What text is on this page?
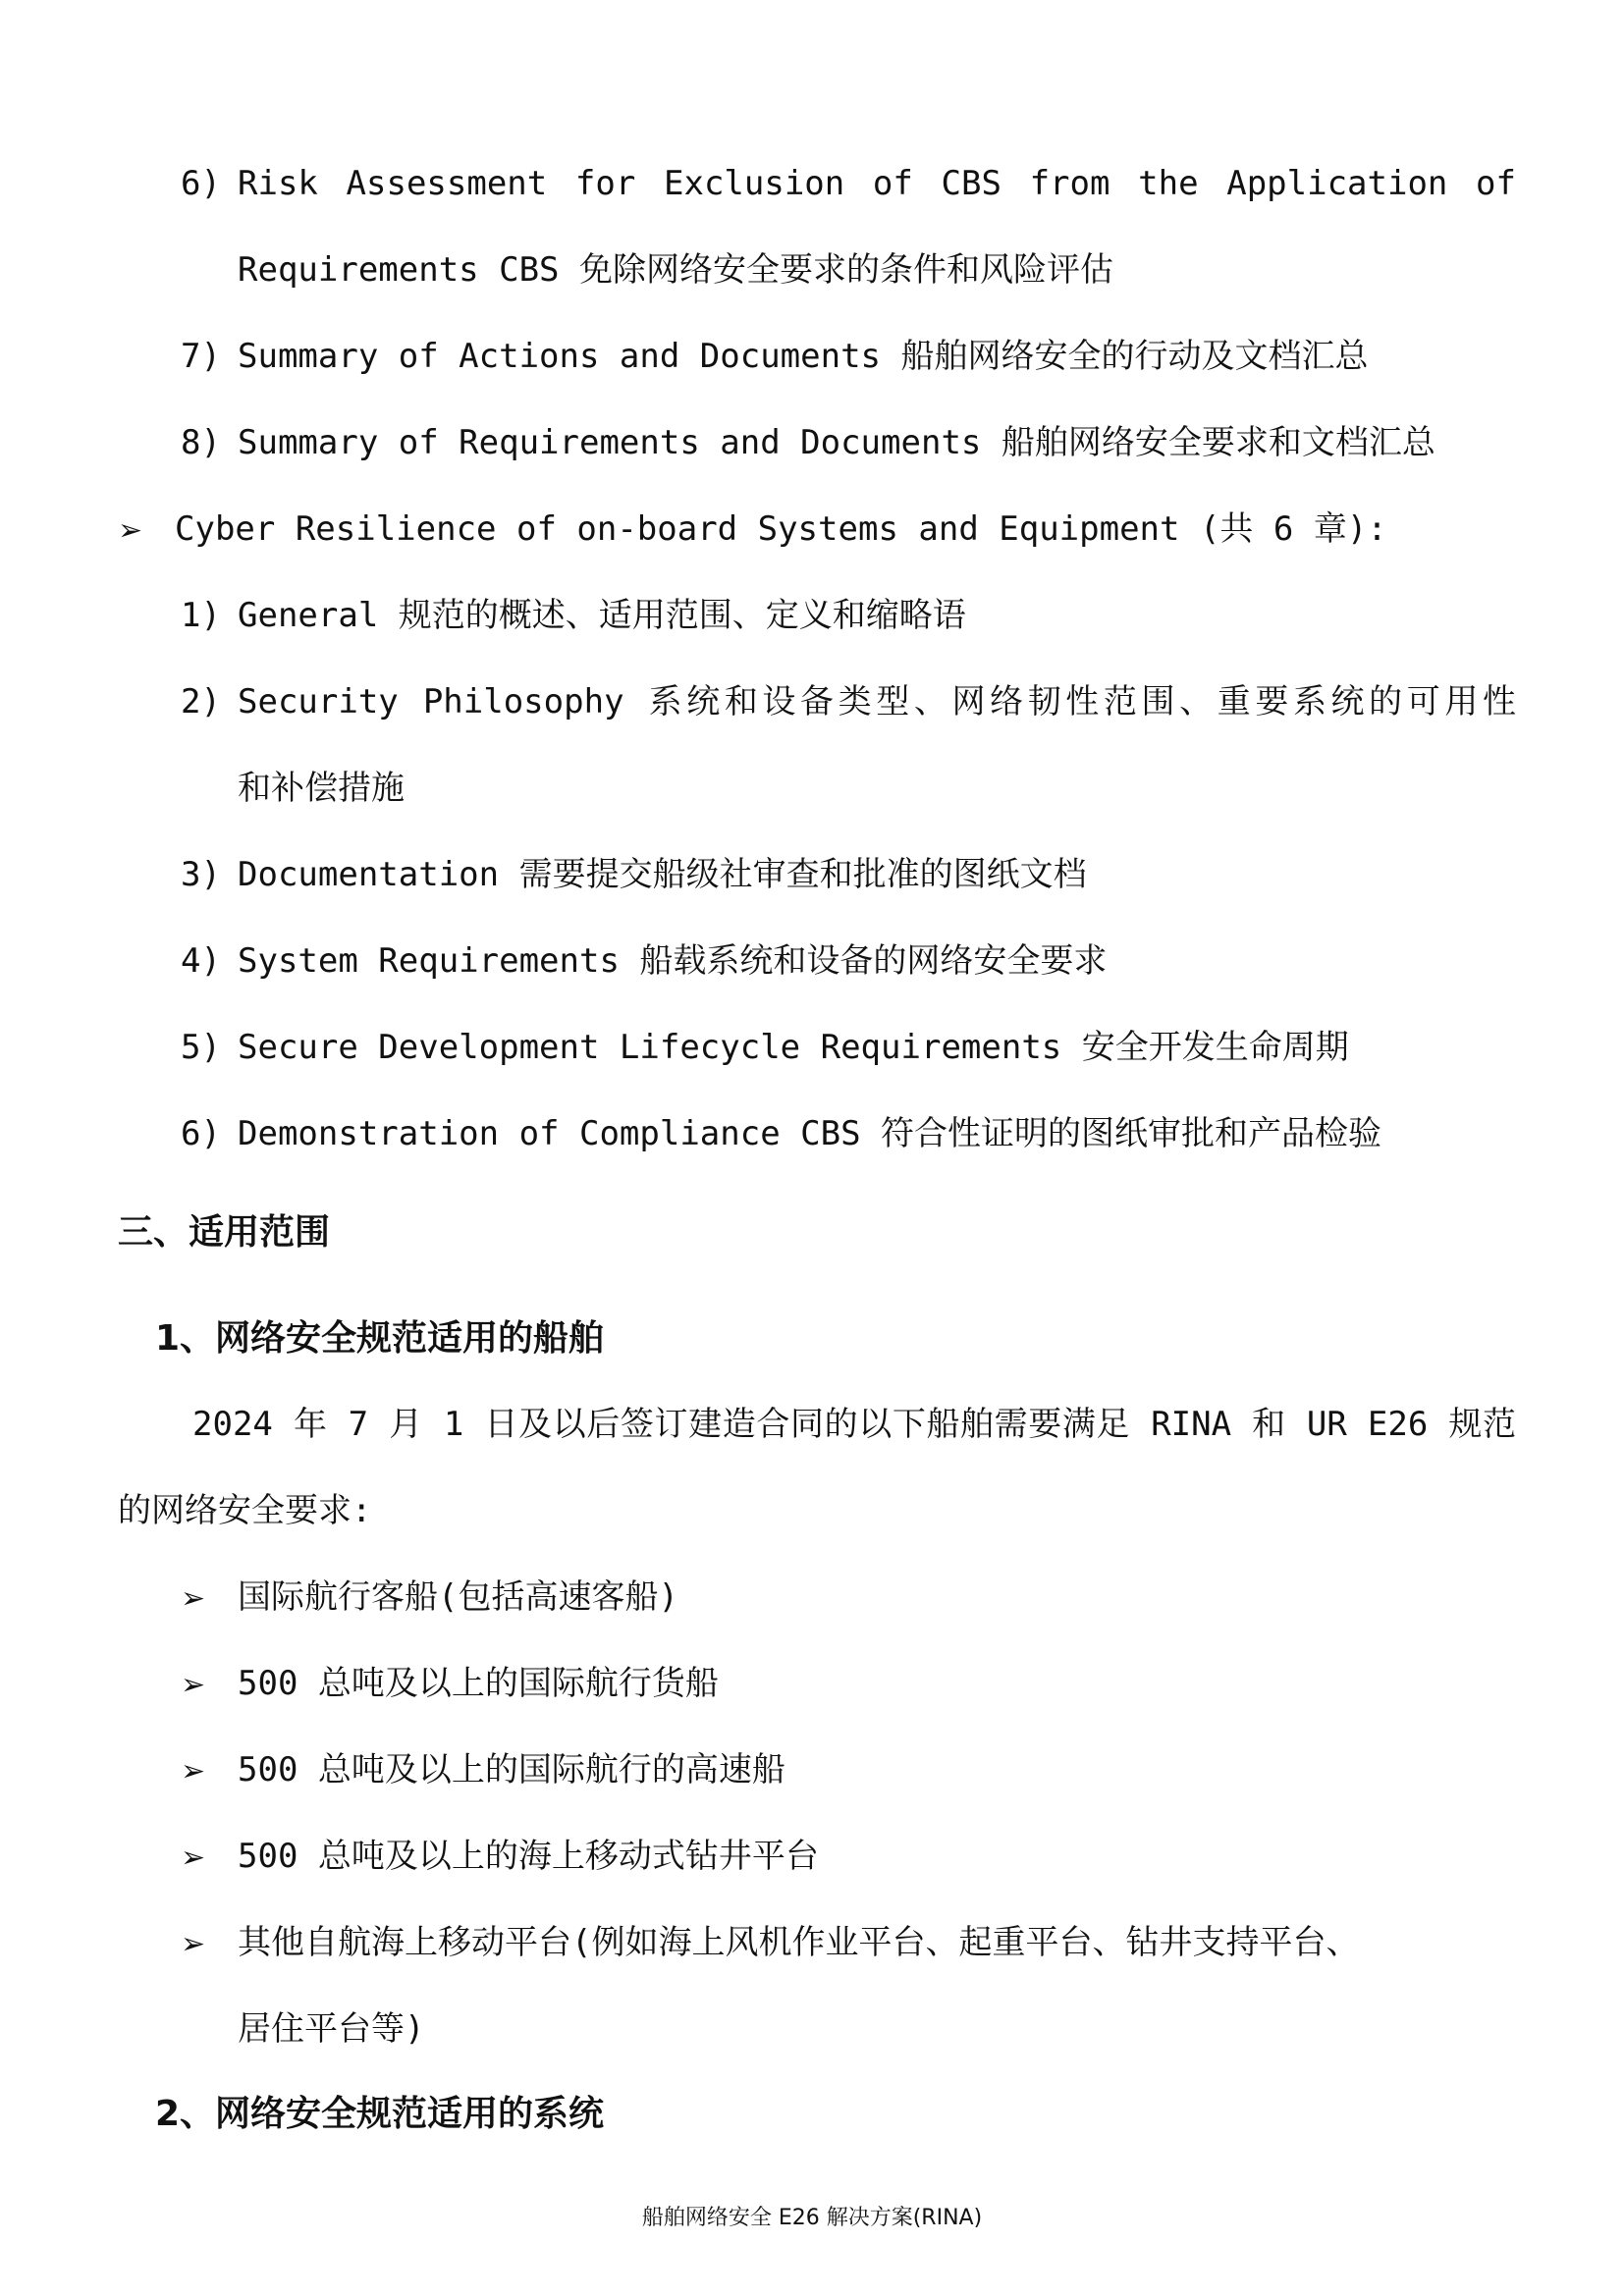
6) Risk Assessment for Exclusion of CBS from the Application of
Requirements CBS 免除网络安全要求的条件和风险评估
7) Summary of Actions and Documents 船舶网络安全的行动及文档汇总
8) Summary of Requirements and Documents 船舶网络安全要求和文档汇总
➢ Cyber Resilience of on-board Systems and Equipment (共 6 章):
1) General 规范的概述、适用范围、定义和缩略语
2) Security Philosophy 系统和设备类型、网络韧性范围、重要系统的可用性
和补偿措施
3) Documentation 需要提交船级社审查和批准的图纸文档
4) System Requirements 船载系统和设备的网络安全要求
5) Secure Development Lifecycle Requirements 安全开发生命周期
6) Demonstration of Compliance CBS 符合性证明的图纸审批和产品检验
三、适用范围
1、网络安全规范适用的船舶
2024 年 7 月 1 日及以后签订建造合同的以下船舶需要满足 RINA 和 UR E26 规范
的网络安全要求:
➢ 国际航行客船(包括高速客船)
➢ 500 总吨及以上的国际航行货船
➢ 500 总吨及以上的国际航行的高速船
➢ 500 总吨及以上的海上移动式钻井平台
➢ 其他自航海上移动平台(例如海上风机作业平台、起重平台、钻井支持平台、
居住平台等)
2、网络安全规范适用的系统
船舶网络安全 E26 解决方案(RINA)
